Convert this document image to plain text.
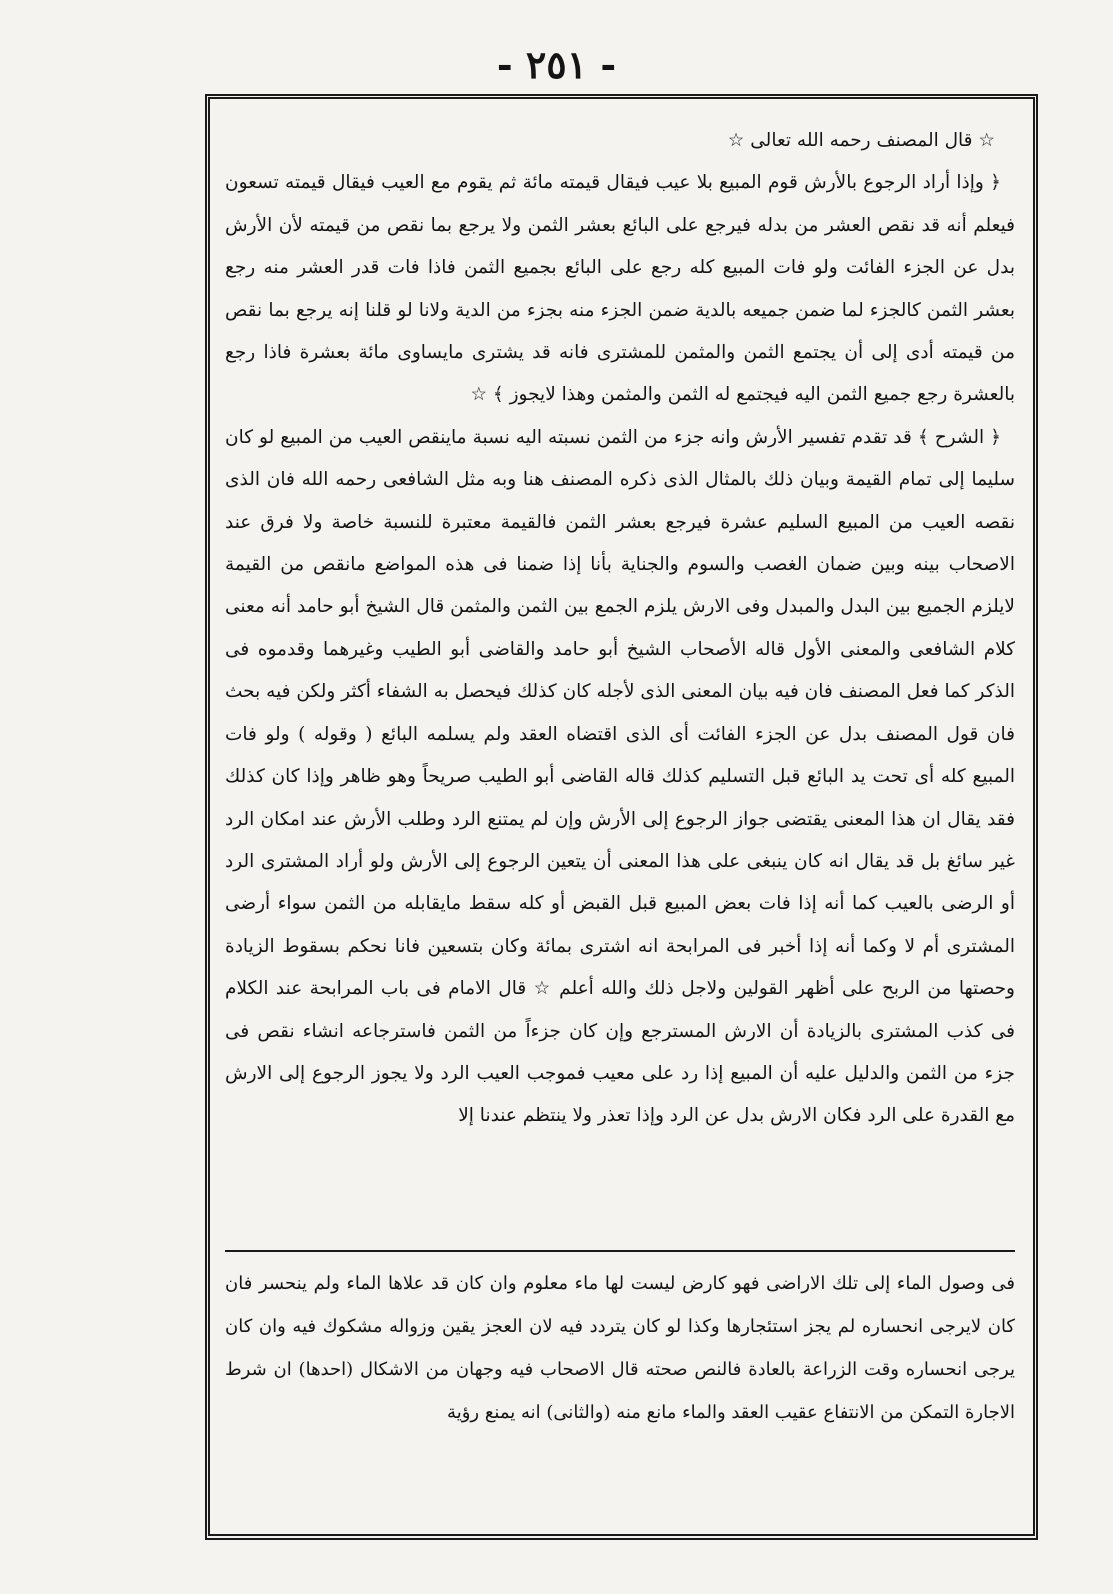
- ٢٥١ -

☆ قال المصنف رحمه الله تعالى ☆

﴿ وإذا أراد الرجوع بالأرش قوم المبيع بلا عيب فيقال قيمته مائة ثم يقوم مع العيب فيقال قيمته تسعون فيعلم أنه قد نقص العشر من بدله فيرجع على البائع بعشر الثمن ولا يرجع بما نقص من قيمته لأن الأرش بدل عن الجزء الفائت ولو فات المبيع كله رجع على البائع بجميع الثمن فاذا فات قدر العشر منه رجع بعشر الثمن كالجزء لما ضمن جميعه بالدية ضمن الجزء منه بجزء من الدية ولانا لو قلنا إنه يرجع بما نقص من قيمته أدى إلى أن يجتمع الثمن والمثمن للمشترى فانه قد يشترى مايساوى مائة بعشرة فاذا رجع بالعشرة رجع جميع الثمن اليه فيجتمع له الثمن والمثمن وهذا لايجوز ﴾ ☆

﴿ الشرح ﴾ قد تقدم تفسير الأرش وانه جزء من الثمن نسبته اليه نسبة ماينقص العيب من المبيع لو كان سليما إلى تمام القيمة وبيان ذلك بالمثال الذى ذكره المصنف هنا وبه مثل الشافعى رحمه الله فان الذى نقصه العيب من المبيع السليم عشرة فيرجع بعشر الثمن فالقيمة معتبرة للنسبة خاصة ولا فرق عند الاصحاب بينه وبين ضمان الغصب والسوم والجناية بأنا إذا ضمنا فى هذه المواضع مانقص من القيمة لايلزم الجميع بين البدل والمبدل وفى الارش يلزم الجمع بين الثمن والمثمن قال الشيخ أبو حامد أنه معنى كلام الشافعى والمعنى الأول قاله الأصحاب الشيخ أبو حامد والقاضى أبو الطيب وغيرهما وقدموه فى الذكر كما فعل المصنف فان فيه بيان المعنى الذى لأجله كان كذلك فيحصل به الشفاء أكثر ولكن فيه بحث فان قول المصنف بدل عن الجزء الفائت أى الذى اقتضاه العقد ولم يسلمه البائع ( وقوله ) ولو فات المبيع كله أى تحت يد البائع قبل التسليم كذلك قاله القاضى أبو الطيب صريحاً وهو ظاهر وإذا كان كذلك فقد يقال ان هذا المعنى يقتضى جواز الرجوع إلى الأرش وإن لم يمتنع الرد وطلب الأرش عند امكان الرد غير سائغ بل قد يقال انه كان ينبغى على هذا المعنى أن يتعين الرجوع إلى الأرش ولو أراد المشترى الرد أو الرضى بالعيب كما أنه إذا فات بعض المبيع قبل القبض أو كله سقط مايقابله من الثمن سواء أرضى المشترى أم لا وكما أنه إذا أخبر فى المرابحة انه اشترى بمائة وكان بتسعين فانا نحكم بسقوط الزيادة وحصتها من الربح على أظهر القولين ولاجل ذلك والله أعلم ☆ قال الامام فى باب المرابحة عند الكلام فى كذب المشترى بالزيادة أن الارش المسترجع وإن كان جزءاً من الثمن فاسترجاعه انشاء نقص فى جزء من الثمن والدليل عليه أن المبيع إذا رد على معيب فموجب العيب الرد ولا يجوز الرجوع إلى الارش مع القدرة على الرد فكان الارش بدل عن الرد وإذا تعذر ولا ينتظم عندنا إلا

فى وصول الماء إلى تلك الاراضى فهو كارض ليست لها ماء معلوم وان كان قد علاها الماء ولم ينحسر فان كان لايرجى انحساره لم يجز استئجارها وكذا لو كان يتردد فيه لان العجز يقين وزواله مشكوك فيه وان كان يرجى انحساره وقت الزراعة بالعادة فالنص صحته قال الاصحاب فيه وجهان من الاشكال (احدها) ان شرط الاجارة التمكن من الانتفاع عقيب العقد والماء مانع منه (والثانى) انه يمنع رؤية
